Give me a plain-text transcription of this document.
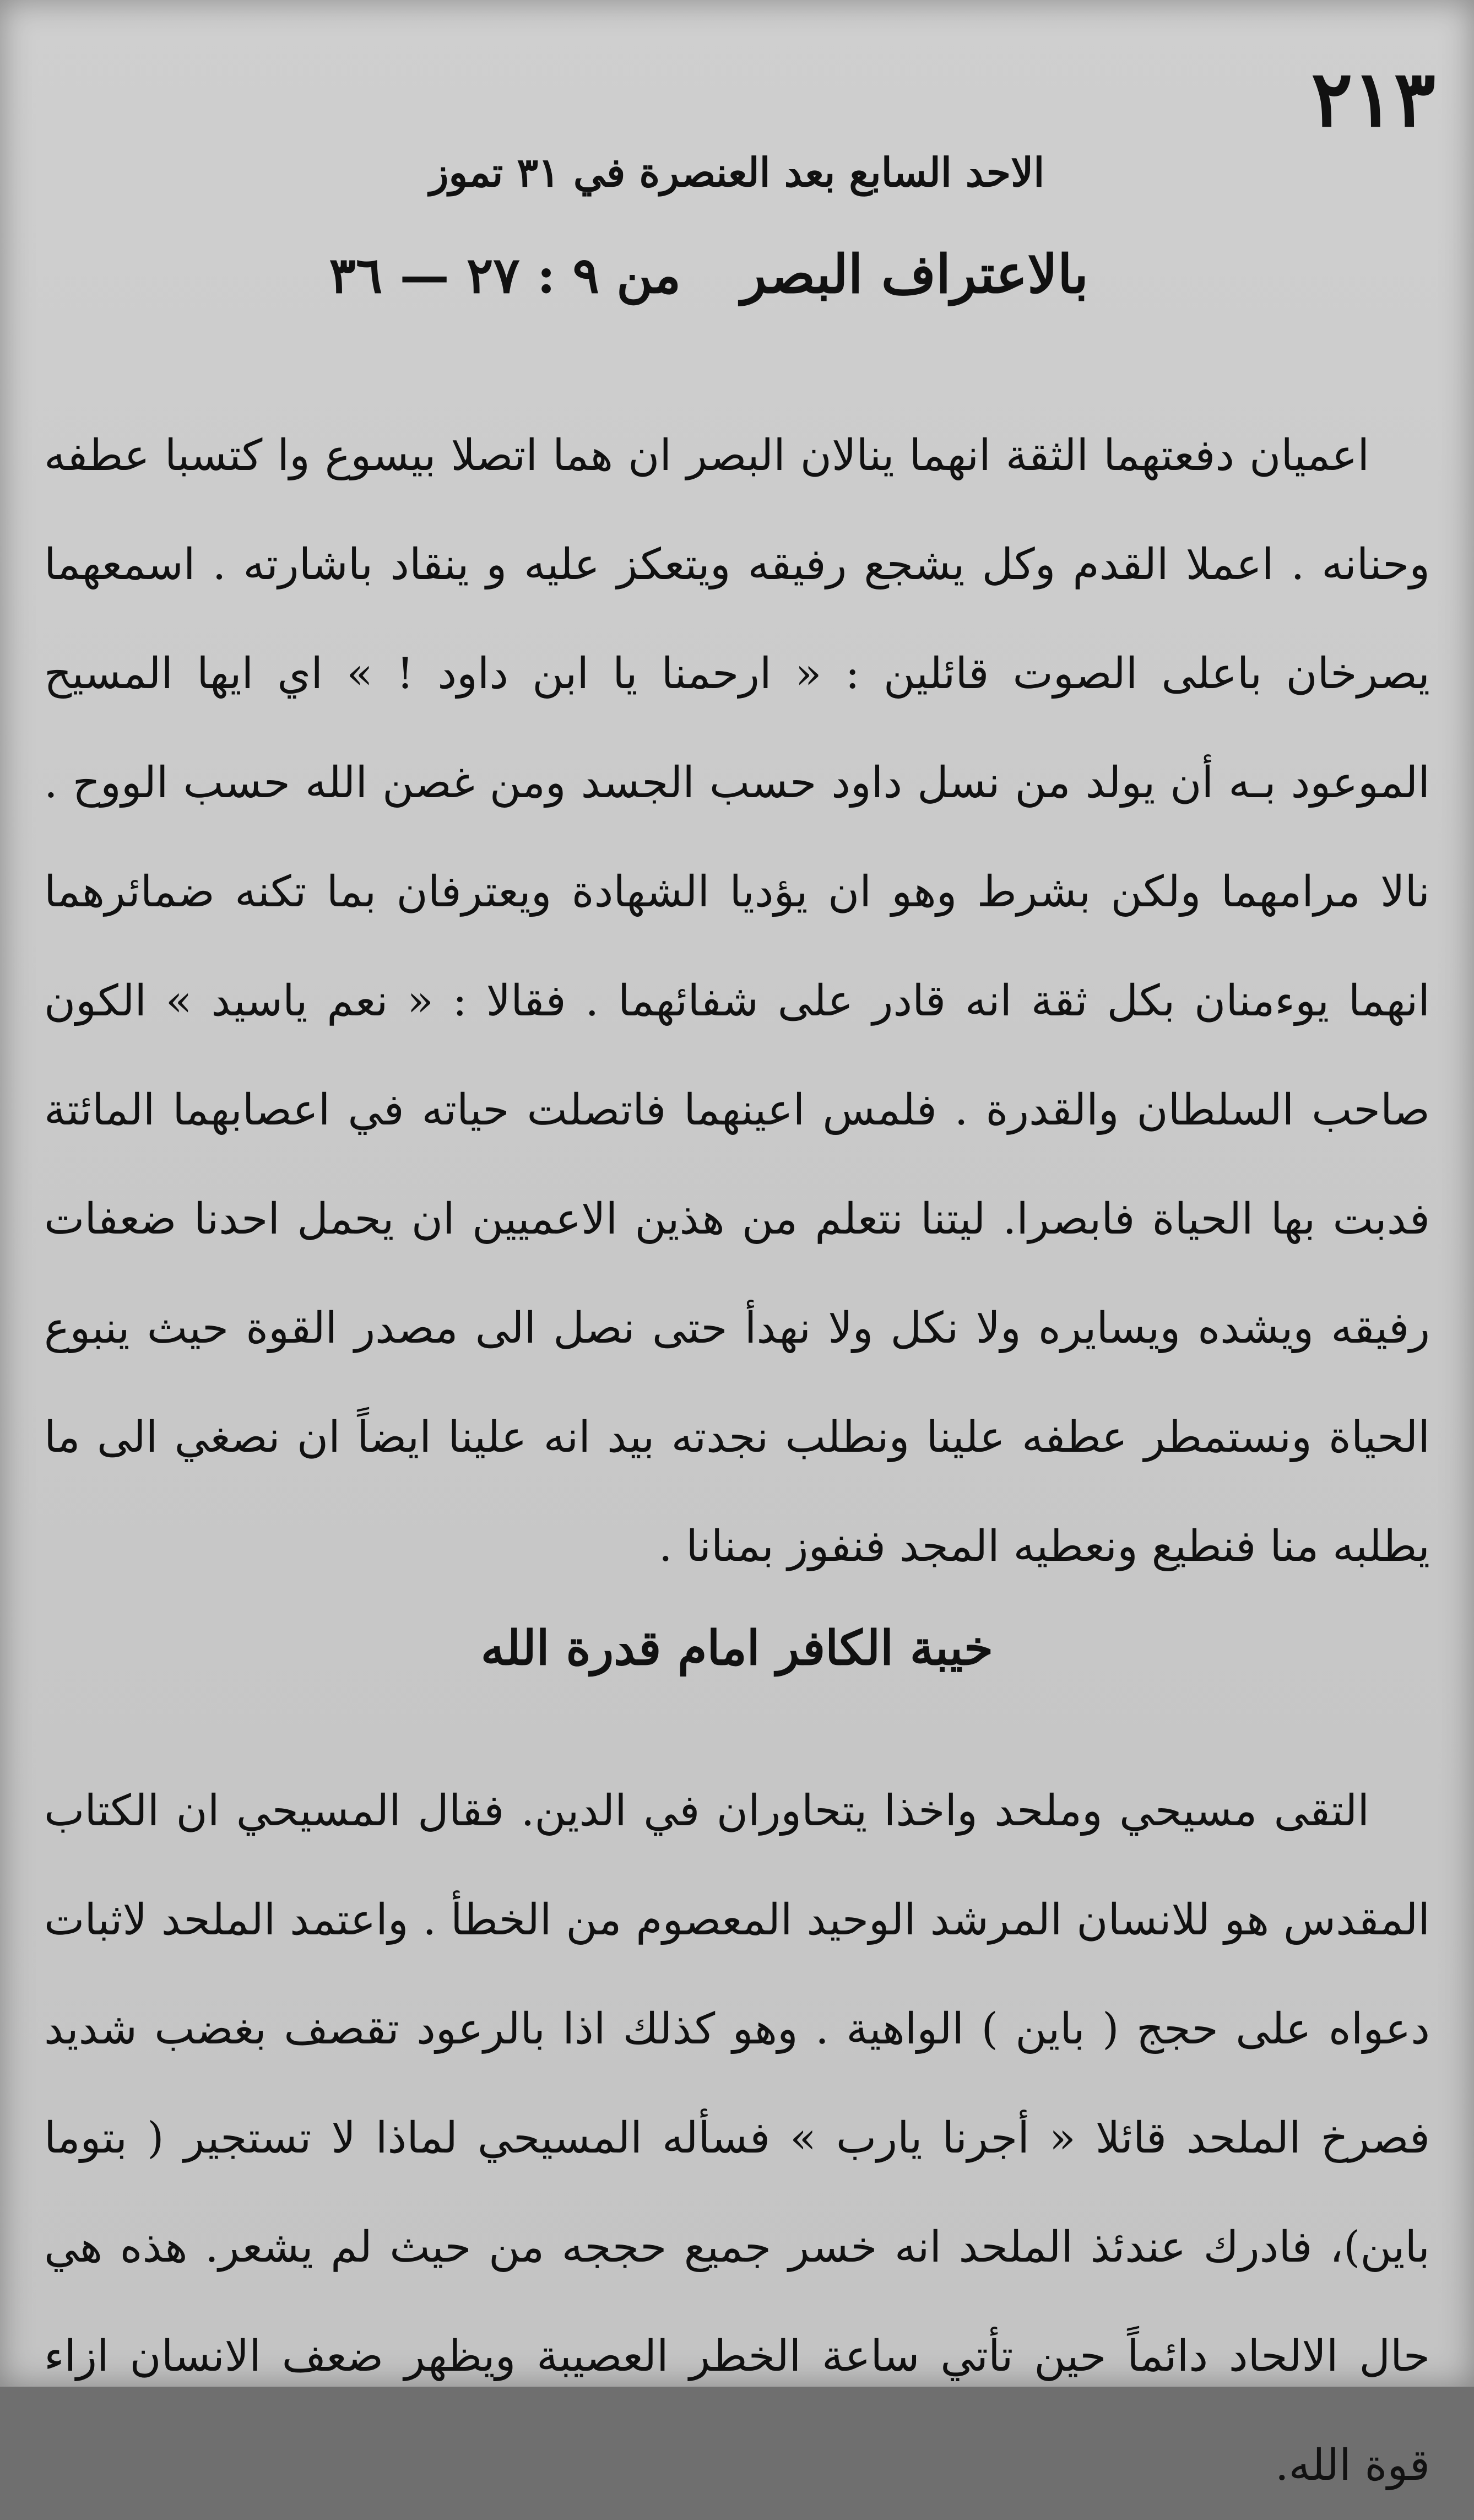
٢١٣
الاحد السابع بعد العنصرة في ٣١ تموز
بالاعتراف البصر
من ٩ : ٢٧ — ٣٦

اعميان دفعتهما الثقة انهما ينالان البصر ان هما اتصلا بيسوع وا كتسبا عطفه وحنانه . اعملا القدم وكل يشجع رفيقه ويتعكز عليه و ينقاد باشارته . اسمعهما يصرخان باعلى الصوت قائلين : « ارحمنا يا ابن داود ! » اي ايها المسيح الموعود بـه أن يولد من نسل داود حسب الجسد ومن غصن الله حسب الووح . نالا مرامهما ولكن بشرط وهو ان يؤديا الشهادة ويعترفان بما تكنه ضمائرهما انهما يوءمنان بكل ثقة انه قادر على شفائهما . فقالا : « نعم ياسيد » الكون صاحب السلطان والقدرة . فلمس اعينهما فاتصلت حياته في اعصابهما المائتة فدبت بها الحياة فابصرا. ليتنا نتعلم من هذين الاعميين ان يحمل احدنا ضعفات رفيقه ويشده ويسايره ولا نكل ولا نهدأ حتى نصل الى مصدر القوة حيث ينبوع الحياة ونستمطر عطفه علينا ونطلب نجدته بيد انه علينا ايضاً ان نصغي الى ما يطلبه منا فنطيع ونعطيه المجد فنفوز بمنانا .

خيبة الكافر امام قدرة الله

التقى مسيحي وملحد واخذا يتحاوران في الدين. فقال المسيحي ان الكتاب المقدس هو للانسان المرشد الوحيد المعصوم من الخطأ . واعتمد الملحد لاثبات دعواه على حجج ( باين ) الواهية . وهو كذلك اذا بالرعود تقصف بغضب شديد فصرخ الملحد قائلا « أجرنا يارب » فسأله المسيحي لماذا لا تستجير ( بتوما باين)، فادرك عندئذ الملحد انه خسر جميع حججه من حيث لم يشعر. هذه هي حال الالحاد دائماً حين تأتي ساعة الخطر العصيبة ويظهر ضعف الانسان ازاء قوة الله.
